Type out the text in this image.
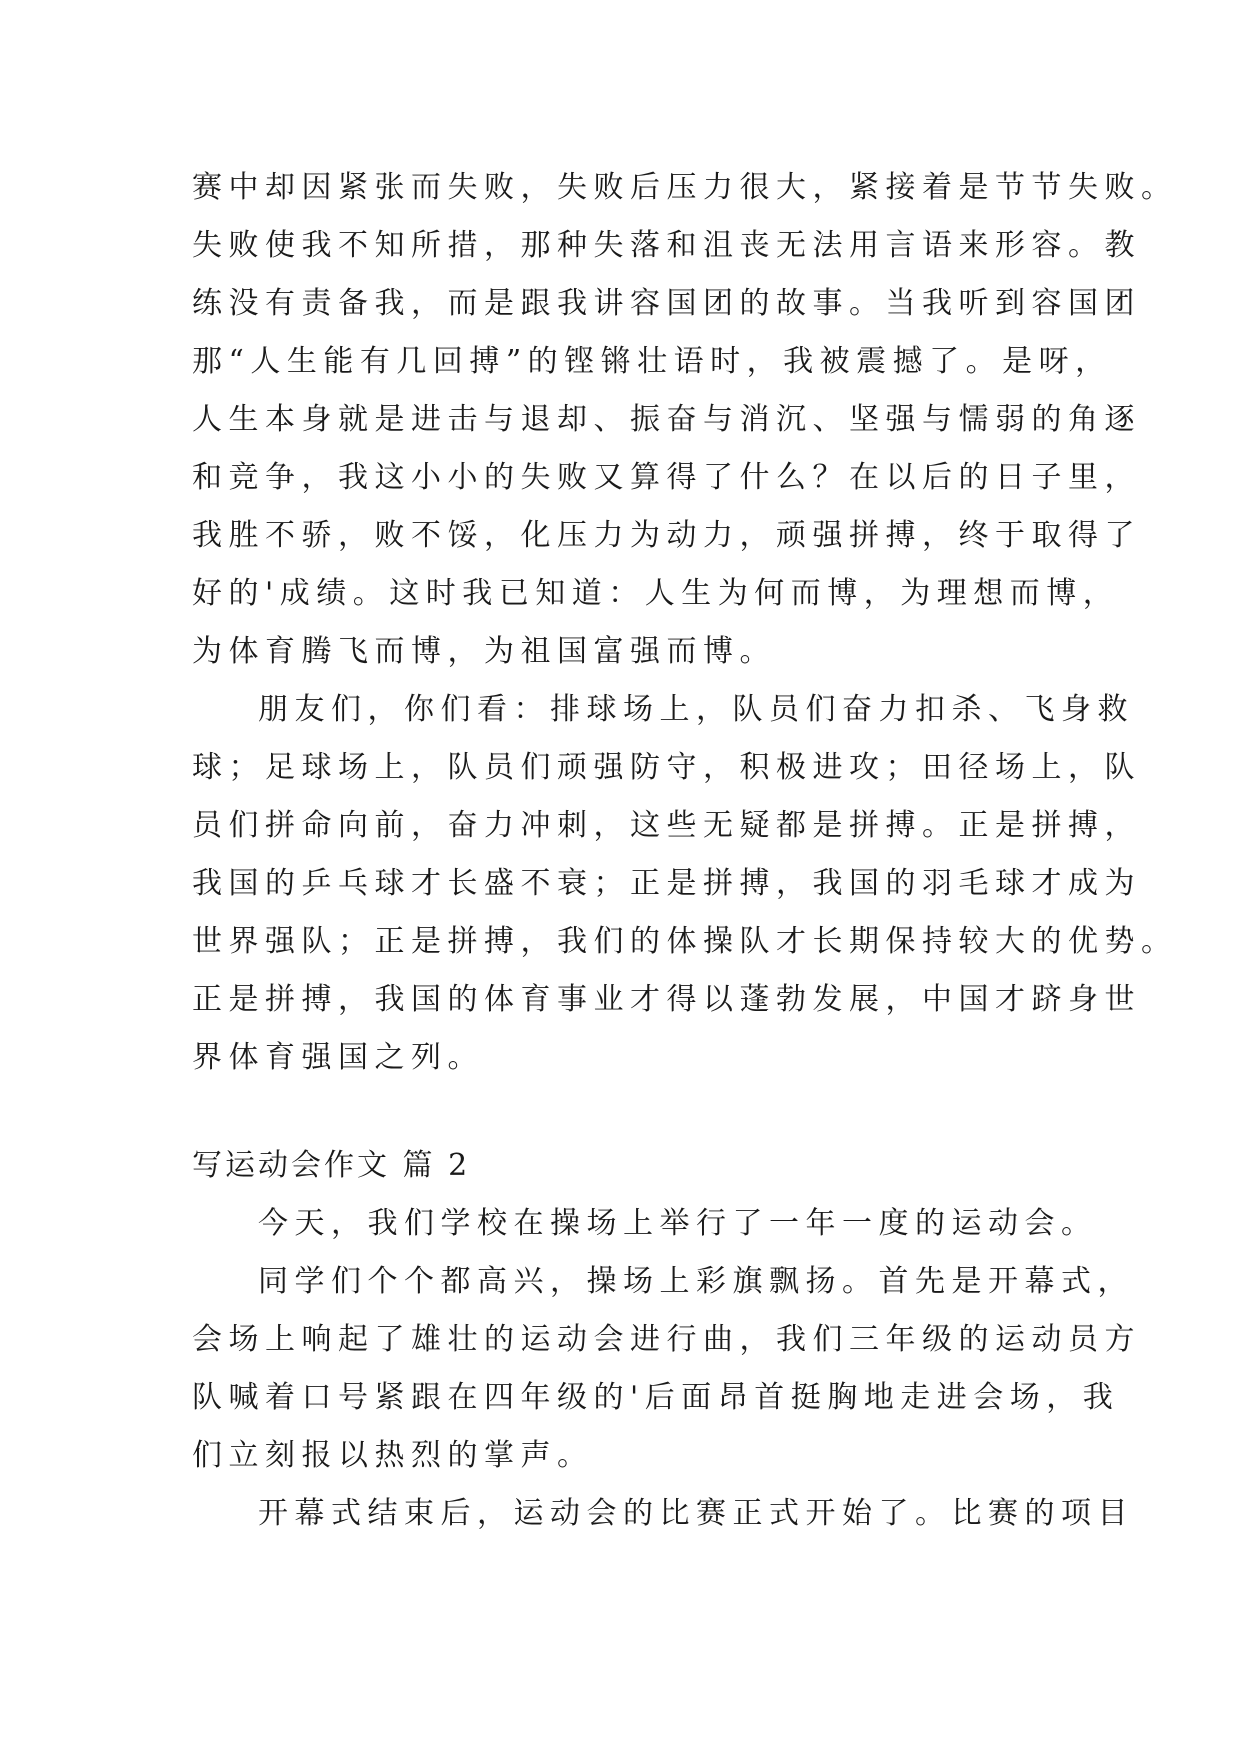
赛中却因紧张而失败，失败后压力很大，紧接着是节节失败。
失败使我不知所措，那种失落和沮丧无法用言语来形容。教
练没有责备我，而是跟我讲容国团的故事。当我听到容国团
那“人生能有几回搏”的铿锵壮语时，我被震撼了。是呀，
人生本身就是进击与退却、振奋与消沉、坚强与懦弱的角逐
和竞争，我这小小的失败又算得了什么？在以后的日子里，
我胜不骄，败不馁，化压力为动力，顽强拼搏，终于取得了
好的'成绩。这时我已知道：人生为何而博，为理想而博，
为体育腾飞而博，为祖国富强而博。
朋友们，你们看：排球场上，队员们奋力扣杀、飞身救
球；足球场上，队员们顽强防守，积极进攻；田径场上，队
员们拼命向前，奋力冲刺，这些无疑都是拼搏。正是拼搏，
我国的乒乓球才长盛不衰；正是拼搏，我国的羽毛球才成为
世界强队；正是拼搏，我们的体操队才长期保持较大的优势。
正是拼搏，我国的体育事业才得以蓬勃发展，中国才跻身世
界体育强国之列。
写运动会作文 篇 2
今天，我们学校在操场上举行了一年一度的运动会。
同学们个个都高兴，操场上彩旗飘扬。首先是开幕式，
会场上响起了雄壮的运动会进行曲，我们三年级的运动员方
队喊着口号紧跟在四年级的'后面昂首挺胸地走进会场，我
们立刻报以热烈的掌声。
开幕式结束后，运动会的比赛正式开始了。比赛的项目
